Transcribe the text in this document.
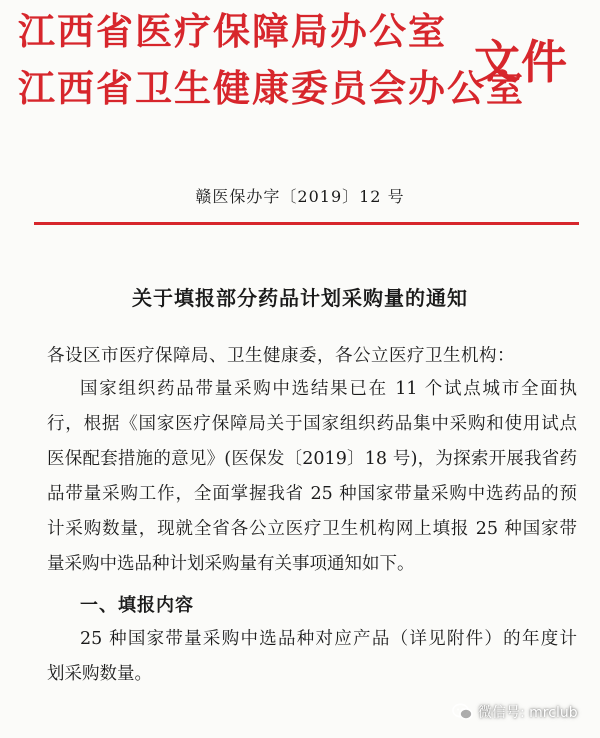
江西省医疗保障局办公室
江西省卫生健康委员会办公室
文件
赣医保办字〔2019〕12 号
关于填报部分药品计划采购量的通知
各设区市医疗保障局、卫生健康委，各公立医疗卫生机构：
国家组织药品带量采购中选结果已在 11 个试点城市全面执
行，根据《国家医疗保障局关于国家组织药品集中采购和使用试点
医保配套措施的意见》(医保发〔2019〕18 号)，为探索开展我省药
品带量采购工作，全面掌握我省 25 种国家带量采购中选药品的预
计采购数量，现就全省各公立医疗卫生机构网上填报 25 种国家带
量采购中选品种计划采购量有关事项通知如下。
一、填报内容
25 种国家带量采购中选品种对应产品（详见附件）的年度计
划采购数量。
微信号: mrclub
